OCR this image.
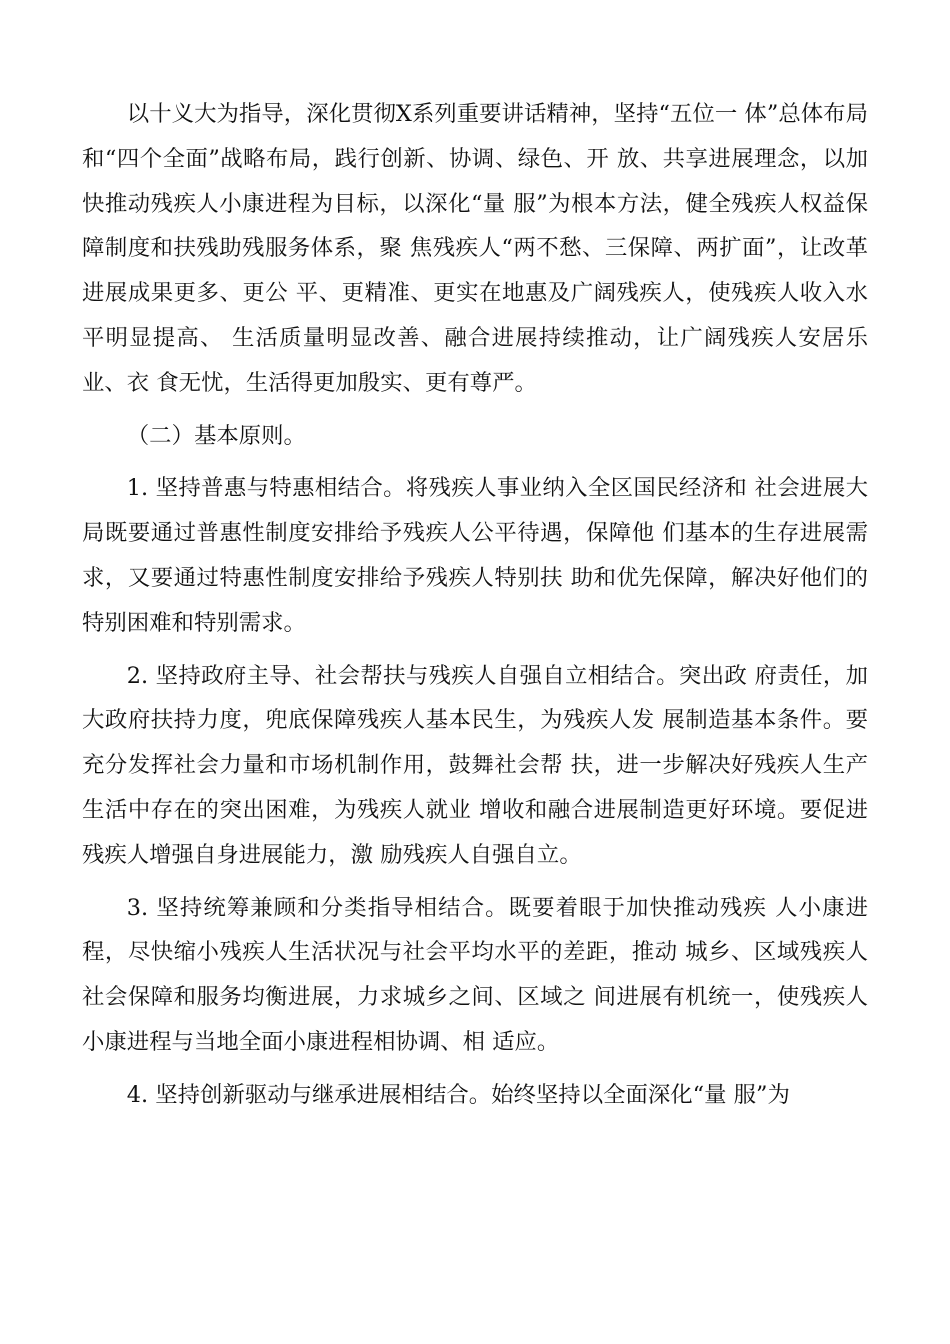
以十义大为指导，深化贯彻X系列重要讲话精神，坚持“五位一 体”总体布局和“四个全面”战略布局，践行创新、协调、绿色、开 放、共享进展理念，以加快推动残疾人小康进程为目标，以深化“量 服”为根本方法，健全残疾人权益保障制度和扶残助残服务体系，聚 焦残疾人“两不愁、三保障、两扩面”，让改革进展成果更多、更公 平、更精准、更实在地惠及广阔残疾人，使残疾人收入水平明显提高、 生活质量明显改善、融合进展持续推动，让广阔残疾人安居乐业、衣 食无忧，生活得更加殷实、更有尊严。

（二）基本原则。

1. 坚持普惠与特惠相结合。将残疾人事业纳入全区国民经济和 社会进展大局既要通过普惠性制度安排给予残疾人公平待遇，保障他 们基本的生存进展需求，又要通过特惠性制度安排给予残疾人特别扶 助和优先保障，解决好他们的特别困难和特别需求。

2. 坚持政府主导、社会帮扶与残疾人自强自立相结合。突出政 府责任，加大政府扶持力度，兜底保障残疾人基本民生，为残疾人发 展制造基本条件。要充分发挥社会力量和市场机制作用，鼓舞社会帮 扶，进一步解决好残疾人生产生活中存在的突出困难，为残疾人就业 增收和融合进展制造更好环境。要促进残疾人增强自身进展能力，激 励残疾人自强自立。

3. 坚持统筹兼顾和分类指导相结合。既要着眼于加快推动残疾 人小康进程，尽快缩小残疾人生活状况与社会平均水平的差距，推动 城乡、区域残疾人社会保障和服务均衡进展，力求城乡之间、区域之 间进展有机统一，使残疾人小康进程与当地全面小康进程相协调、相 适应。

4. 坚持创新驱动与继承进展相结合。始终坚持以全面深化“量 服”为
